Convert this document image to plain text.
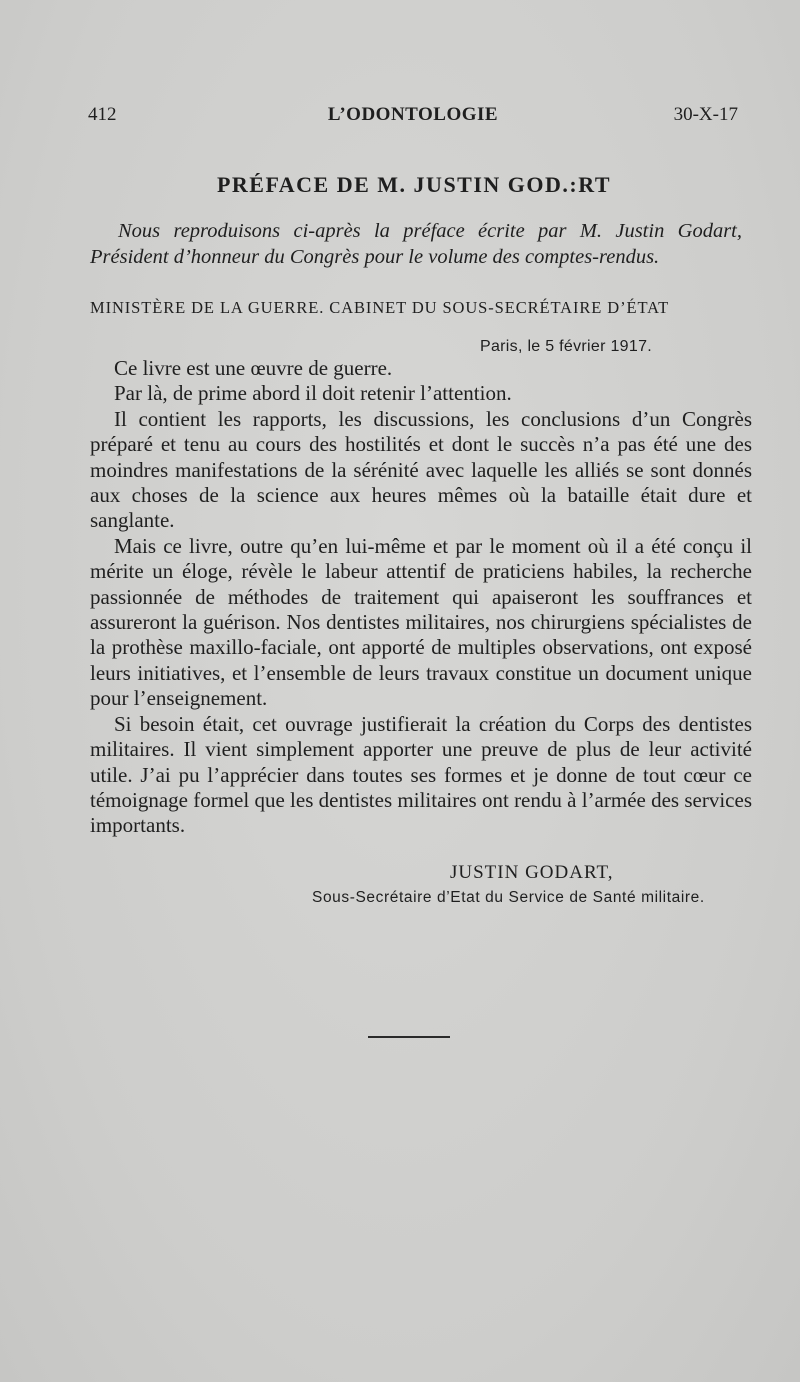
412	L’ODONTOLOGIE	30-X-17
PRÉFACE DE M. JUSTIN GOD.:RT
Nous reproduisons ci-après la préface écrite par M. Justin Godart, Président d’honneur du Congrès pour le volume des comptes-rendus.
MINISTÈRE DE LA GUERRE. CABINET DU SOUS-SECRÉTAIRE D’ÉTAT
Paris, le 5 février 1917.

Ce livre est une œuvre de guerre.

Par là, de prime abord il doit retenir l’attention.

Il contient les rapports, les discussions, les conclusions d’un Congrès préparé et tenu au cours des hostilités et dont le succès n’a pas été une des moindres manifestations de la sérénité avec laquelle les alliés se sont donnés aux choses de la science aux heures mêmes où la bataille était dure et sanglante.

Mais ce livre, outre qu’en lui-même et par le moment où il a été conçu il mérite un éloge, révèle le labeur attentif de praticiens habiles, la recherche passionnée de méthodes de traitement qui apaiseront les souffrances et assureront la guérison. Nos dentistes militaires, nos chirurgiens spécialistes de la prothèse maxillo-faciale, ont apporté de multiples observations, ont exposé leurs initiatives, et l’ensemble de leurs travaux constitue un document unique pour l’enseignement.

Si besoin était, cet ouvrage justifierait la création du Corps des dentistes militaires. Il vient simplement apporter une preuve de plus de leur activité utile. J’ai pu l’apprécier dans toutes ses formes et je donne de tout cœur ce témoignage formel que les dentistes militaires ont rendu à l’armée des services importants.

JUSTIN GODART,
Sous-Secrétaire d’Etat du Service de Santé militaire.
